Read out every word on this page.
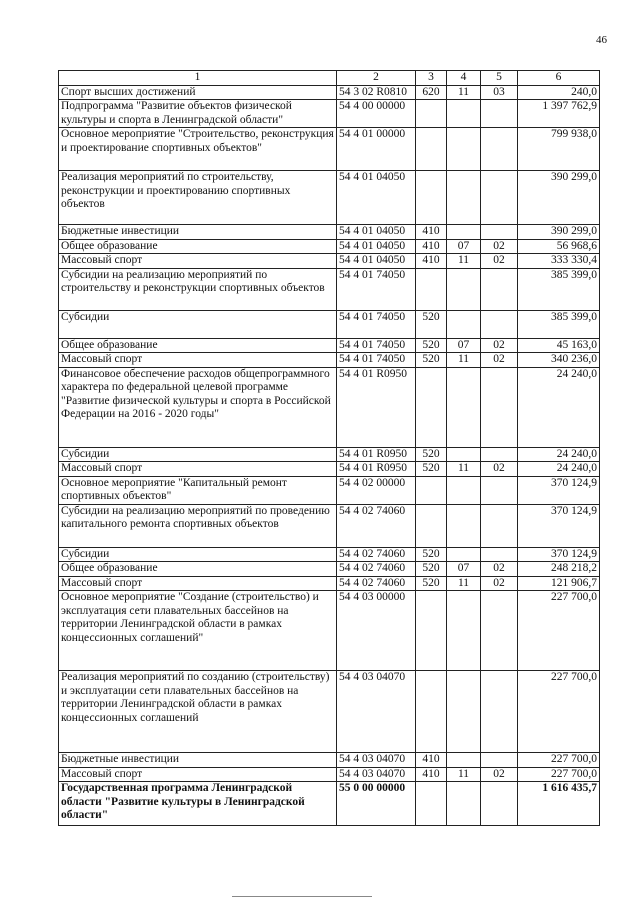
46
1	2	3	4	5	6
Спорт высших достижений	54 3 02 R0810	620	11	03	240,0
Подпрограмма "Развитие объектов физической культуры и спорта в Ленинградской области"	54 4 00 00000				1 397 762,9
Основное мероприятие "Строительство, реконструкция и проектирование спортивных объектов"	54 4 01 00000				799 938,0
Реализация мероприятий по строительству, реконструкции и проектированию спортивных объектов	54 4 01 04050				390 299,0
Бюджетные инвестиции	54 4 01 04050	410			390 299,0
Общее образование	54 4 01 04050	410	07	02	56 968,6
Массовый спорт	54 4 01 04050	410	11	02	333 330,4
Субсидии на реализацию мероприятий по строительству и реконструкции спортивных объектов	54 4 01 74050				385 399,0
Субсидии	54 4 01 74050	520			385 399,0
Общее образование	54 4 01 74050	520	07	02	45 163,0
Массовый спорт	54 4 01 74050	520	11	02	340 236,0
Финансовое обеспечение расходов общепрограммного характера по федеральной целевой программе "Развитие физической культуры и спорта в Российской Федерации на 2016 - 2020 годы"	54 4 01 R0950				24 240,0
Субсидии	54 4 01 R0950	520			24 240,0
Массовый спорт	54 4 01 R0950	520	11	02	24 240,0
Основное мероприятие "Капитальный ремонт спортивных объектов"	54 4 02 00000				370 124,9
Субсидии на реализацию мероприятий по проведению капитального ремонта спортивных объектов	54 4 02 74060				370 124,9
Субсидии	54 4 02 74060	520			370 124,9
Общее образование	54 4 02 74060	520	07	02	248 218,2
Массовый спорт	54 4 02 74060	520	11	02	121 906,7
Основное мероприятие "Создание (строительство) и эксплуатация сети плавательных бассейнов на территории Ленинградской области в рамках концессионных соглашений"	54 4 03 00000				227 700,0
Реализация мероприятий по созданию (строительству) и эксплуатации сети плавательных бассейнов на территории Ленинградской области в рамках концессионных соглашений	54 4 03 04070				227 700,0
Бюджетные инвестиции	54 4 03 04070	410			227 700,0
Массовый спорт	54 4 03 04070	410	11	02	227 700,0
Государственная программа Ленинградской области "Развитие культуры в Ленинградской области"	55 0 00 00000				1 616 435,7
